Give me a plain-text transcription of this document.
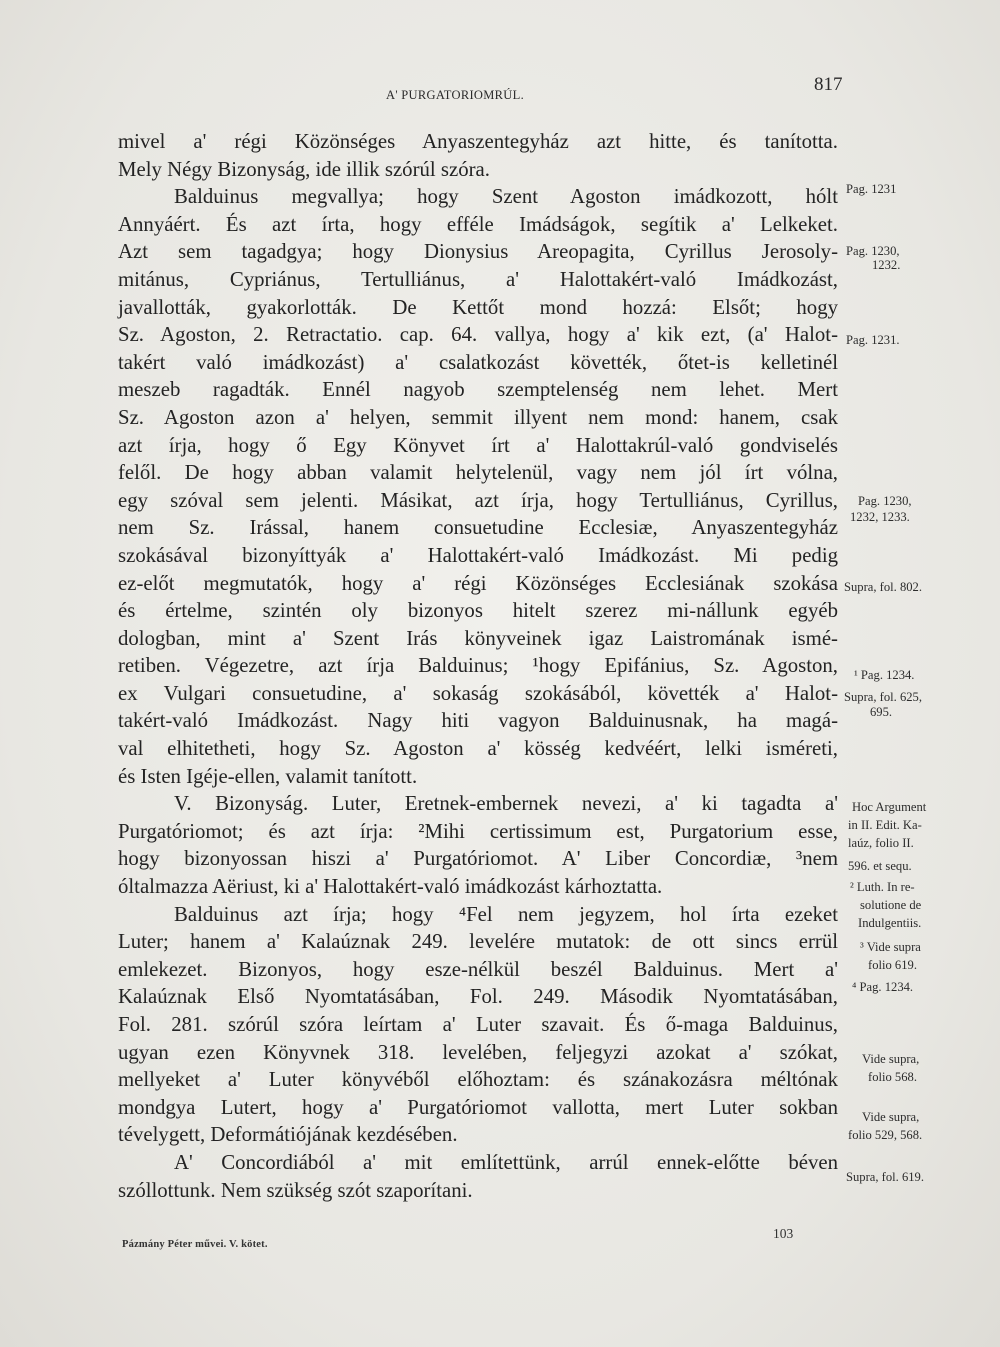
A' PURGATORIOMRÚL.	817
mivel a' régi Közönséges Anyaszentegyház azt hitte, és tanította.
Mely Négy Bizonyság, ide illik szórúl szóra.
Balduinus megvallya; hogy Szent Agoston imádkozott, hólt
Annyáért. És azt írta, hogy efféle Imádságok, segítik a' Lelkeket.
Azt sem tagadgya; hogy Dionysius Areopagita, Cyrillus Jerosoly-
mitánus, Cypriánus, Tertulliánus, a' Halottakért-való Imádkozást,
javallották, gyakorlották. De Kettőt mond hozzá: Elsőt; hogy
Sz. Agoston, 2. Retractatio. cap. 64. vallya, hogy a' kik ezt, (a' Halot-
takért való imádkozást) a' csalatkozást követték, őtet-is kelletinél
meszeb ragadták. Ennél nagyob szemptelenség nem lehet. Mert
Sz. Agoston azon a' helyen, semmit illyent nem mond: hanem, csak
azt írja, hogy ő Egy Könyvet írt a' Halottakrúl-való gondviselés
felől. De hogy abban valamit helytelenül, vagy nem jól írt vólna,
egy szóval sem jelenti. Másikat, azt írja, hogy Tertulliánus, Cyrillus,
nem Sz. Irással, hanem consuetudine Ecclesiæ, Anyaszentegyház
szokásával bizonyíttyák a' Halottakért-való Imádkozást. Mi pedig
ez-előt megmutatók, hogy a' régi Közönséges Ecclesiának szokása
és értelme, szintén oly bizonyos hitelt szerez mi-nállunk egyéb
dologban, mint a' Szent Irás könyveinek igaz Laistromának ismé-
retiben. Végezetre, azt írja Balduinus; ¹hogy Epifánius, Sz. Agoston,
ex Vulgari consuetudine, a' sokaság szokásából, követték a' Halot-
takért-való Imádkozást. Nagy hiti vagyon Balduinusnak, ha magá-
val elhitetheti, hogy Sz. Agoston a' kösség kedvéért, lelki isméreti,
és Isten Igéje-ellen, valamit tanított.
V. Bizonyság. Luter, Eretnek-embernek nevezi, a' ki tagadta a'
Purgatóriomot; és azt írja: ²Mihi certissimum est, Purgatorium esse,
hogy bizonyossan hiszi a' Purgatóriomot. A' Liber Concordiæ, ³nem
óltalmazza Aëriust, ki a' Halottakért-való imádkozást kárhoztatta.
Balduinus azt írja; hogy ⁴Fel nem jegyzem, hol írta ezeket
Luter; hanem a' Kalaúznak 249. levelére mutatok: de ott sincs errül
emlekezet. Bizonyos, hogy esze-nélkül beszél Balduinus. Mert a'
Kalaúznak Első Nyomtatásában, Fol. 249. Második Nyomtatásában,
Fol. 281. szórúl szóra leírtam a' Luter szavait. És ő-maga Balduinus,
ugyan ezen Könyvnek 318. levelében, feljegyzi azokat a' szókat,
mellyeket a' Luter könyvéből előhoztam: és szánakozásra méltónak
mondgya Lutert, hogy a' Purgatóriomot vallotta, mert Luter sokban
tévelygett, Deformátiójának kezdésében.
A' Concordiából a' mit említettünk, arrúl ennek-előtte béven
szóllottunk. Nem szükség szót szaporítani.
Pag. 1231
Pag. 1230,
1232.
Pag. 1231.
Pag. 1230,
1232, 1233.
Supra, fol. 802.
¹ Pag. 1234.
Supra, fol. 625,
695.
Hoc Argument
in II. Edit. Ka-
laúz, folio II.
596. et sequ.
² Luth. In re-
solutione de
Indulgentiis.
³ Vide supra
folio 619.
⁴ Pag. 1234.
Vide supra,
folio 568.
Vide supra,
folio 529, 568.
Supra, fol. 619.
Pázmány Péter művei. V. kötet.
103
